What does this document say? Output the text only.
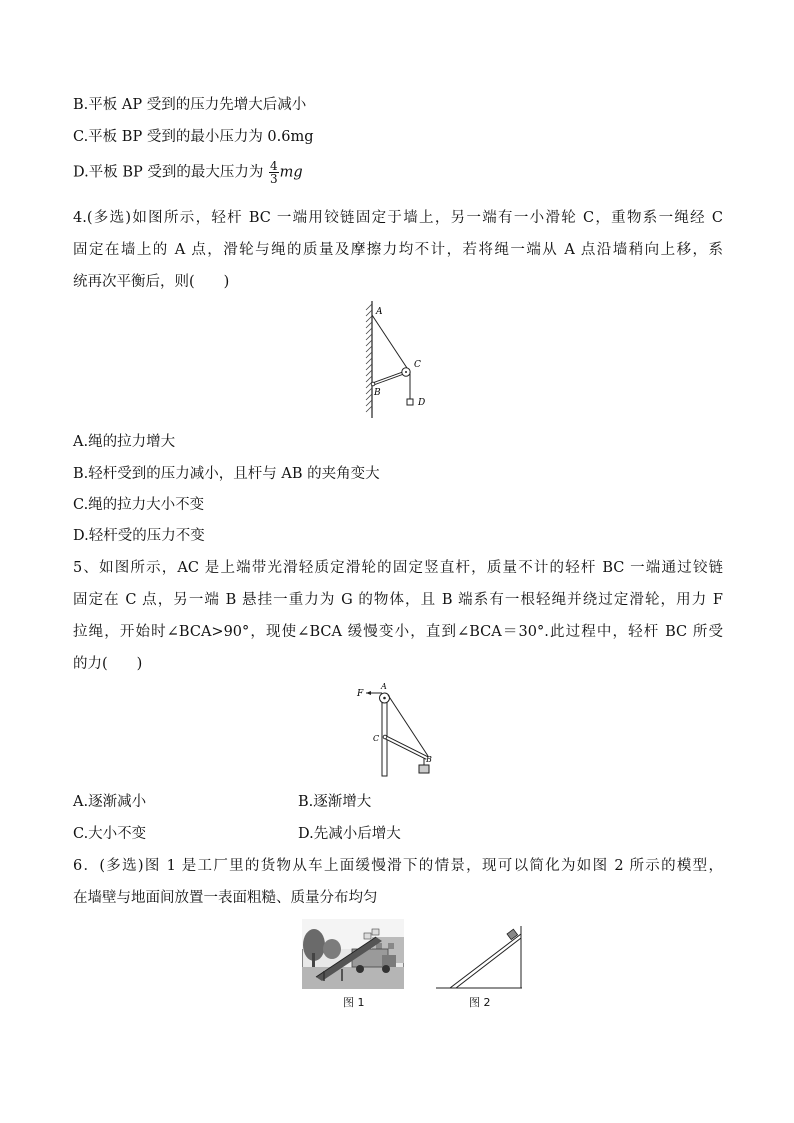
B.平板 AP 受到的压力先增大后减小
C.平板 BP 受到的最小压力为 0.6mg
D.平板 BP 受到的最大压力为 $\frac{4}{3}$ mg
4.(多选)如图所示，轻杆 BC 一端用铰链固定于墙上，另一端有一小滑轮 C，重物系一绳经 C
固定在墙上的 A 点，滑轮与绳的质量及摩擦力均不计，若将绳一端从 A 点沿墙稍向上移，系
统再次平衡后，则(　　)
A
B
C
D
A.绳的拉力增大
B.轻杆受到的压力减小，且杆与 AB 的夹角变大
C.绳的拉力大小不变
D.轻杆受的压力不变
5、如图所示，AC 是上端带光滑轻质定滑轮的固定竖直杆，质量不计的轻杆 BC 一端通过铰链
固定在 C 点，另一端 B 悬挂一重力为 G 的物体，且 B 端系有一根轻绳并绕过定滑轮，用力 F
拉绳，开始时∠BCA>90°，现使∠BCA 缓慢变小，直到∠BCA＝30°.此过程中，轻杆 BC 所受
的力(　　)
F
A
C
B
A.逐渐减小	B.逐渐增大
C.大小不变	D.先减小后增大
6．(多选)图 1 是工厂里的货物从车上面缓慢滑下的情景，现可以简化为如图 2 所示的模型，
在墙壁与地面间放置一表面粗糙、质量分布均匀
图 1	图 2
